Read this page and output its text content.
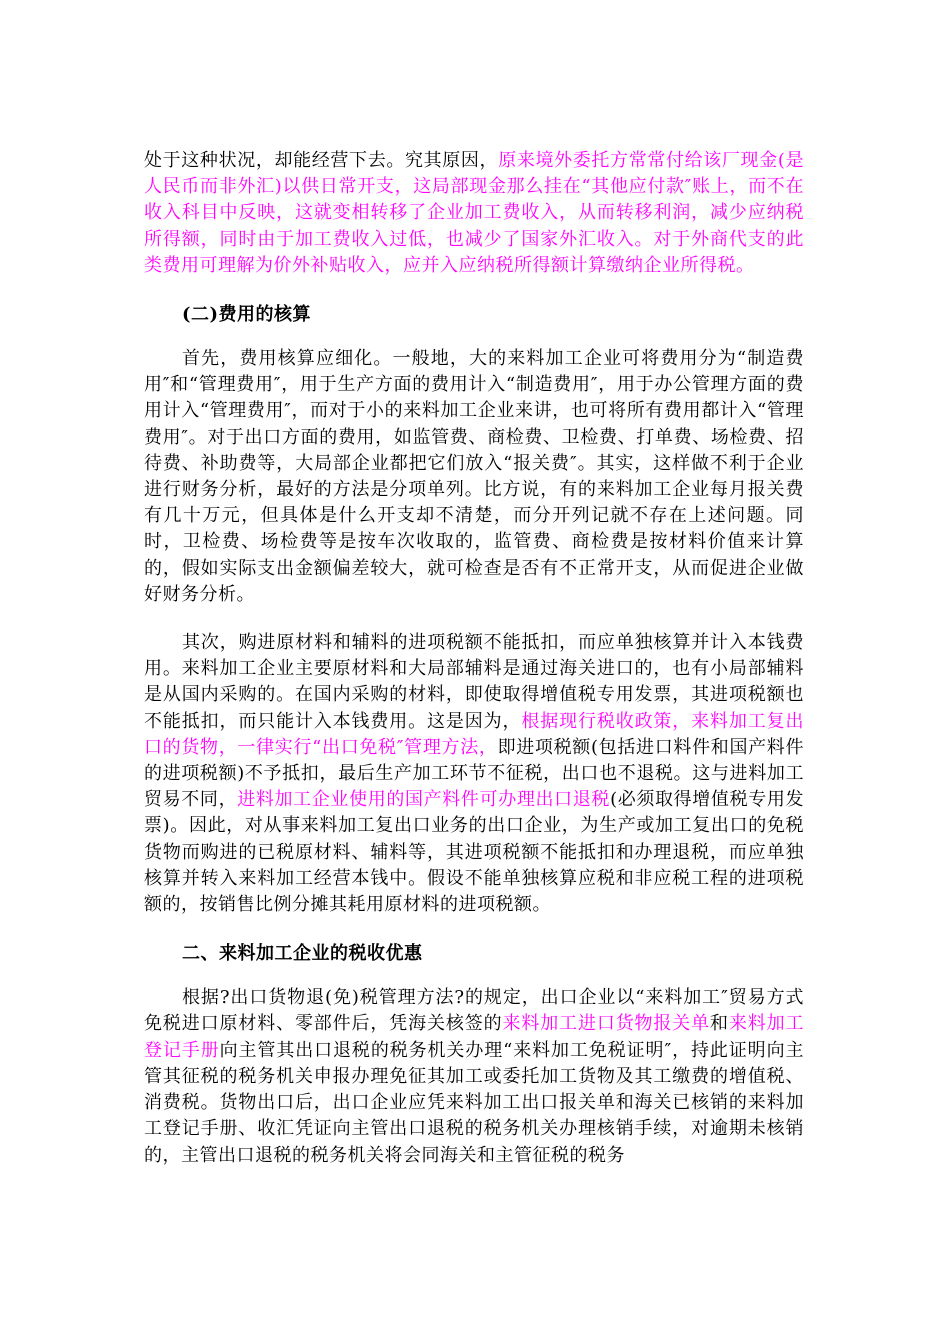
处于这种状况，却能经营下去。究其原因，原来境外委托方常常付给该厂现金(是人民币而非外汇)以供日常开支，这局部现金那么挂在“其他应付款″账上，而不在收入科目中反映，这就变相转移了企业加工费收入，从而转移利润，减少应纳税所得额，同时由于加工费收入过低，也减少了国家外汇收入。对于外商代支的此类费用可理解为价外补贴收入，应并入应纳税所得额计算缴纳企业所得税。

(二)费用的核算

首先，费用核算应细化。一般地，大的来料加工企业可将费用分为“制造费用″和“管理费用″，用于生产方面的费用计入“制造费用″，用于办公管理方面的费用计入“管理费用″，而对于小的来料加工企业来讲，也可将所有费用都计入“管理费用″。对于出口方面的费用，如监管费、商检费、卫检费、打单费、场检费、招待费、补助费等，大局部企业都把它们放入“报关费″。其实，这样做不利于企业进行财务分析，最好的方法是分项单列。比方说，有的来料加工企业每月报关费有几十万元，但具体是什么开支却不清楚，而分开列记就不存在上述问题。同时，卫检费、场检费等是按车次收取的，监管费、商检费是按材料价值来计算的，假如实际支出金额偏差较大，就可检查是否有不正常开支，从而促进企业做好财务分析。

其次，购进原材料和辅料的进项税额不能抵扣，而应单独核算并计入本钱费用。来料加工企业主要原材料和大局部辅料是通过海关进口的，也有小局部辅料是从国内采购的。在国内采购的材料，即使取得增值税专用发票，其进项税额也不能抵扣，而只能计入本钱费用。这是因为，根据现行税收政策，来料加工复出口的货物，一律实行“出口免税″管理方法，即进项税额(包括进口料件和国产料件的进项税额)不予抵扣，最后生产加工环节不征税，出口也不退税。这与进料加工贸易不同，进料加工企业使用的国产料件可办理出口退税(必须取得增值税专用发票)。因此，对从事来料加工复出口业务的出口企业，为生产或加工复出口的免税货物而购进的已税原材料、辅料等，其进项税额不能抵扣和办理退税，而应单独核算并转入来料加工经营本钱中。假设不能单独核算应税和非应税工程的进项税额的，按销售比例分摊其耗用原材料的进项税额。

二、来料加工企业的税收优惠

根据?出口货物退(免)税管理方法?的规定，出口企业以“来料加工″贸易方式免税进口原材料、零部件后，凭海关核签的来料加工进口货物报关单和来料加工登记手册向主管其出口退税的税务机关办理“来料加工免税证明″，持此证明向主管其征税的税务机关申报办理免征其加工或委托加工货物及其工缴费的增值税、消费税。货物出口后，出口企业应凭来料加工出口报关单和海关已核销的来料加工登记手册、收汇凭证向主管出口退税的税务机关办理核销手续，对逾期未核销的，主管出口退税的税务机关将会同海关和主管征税的税务
